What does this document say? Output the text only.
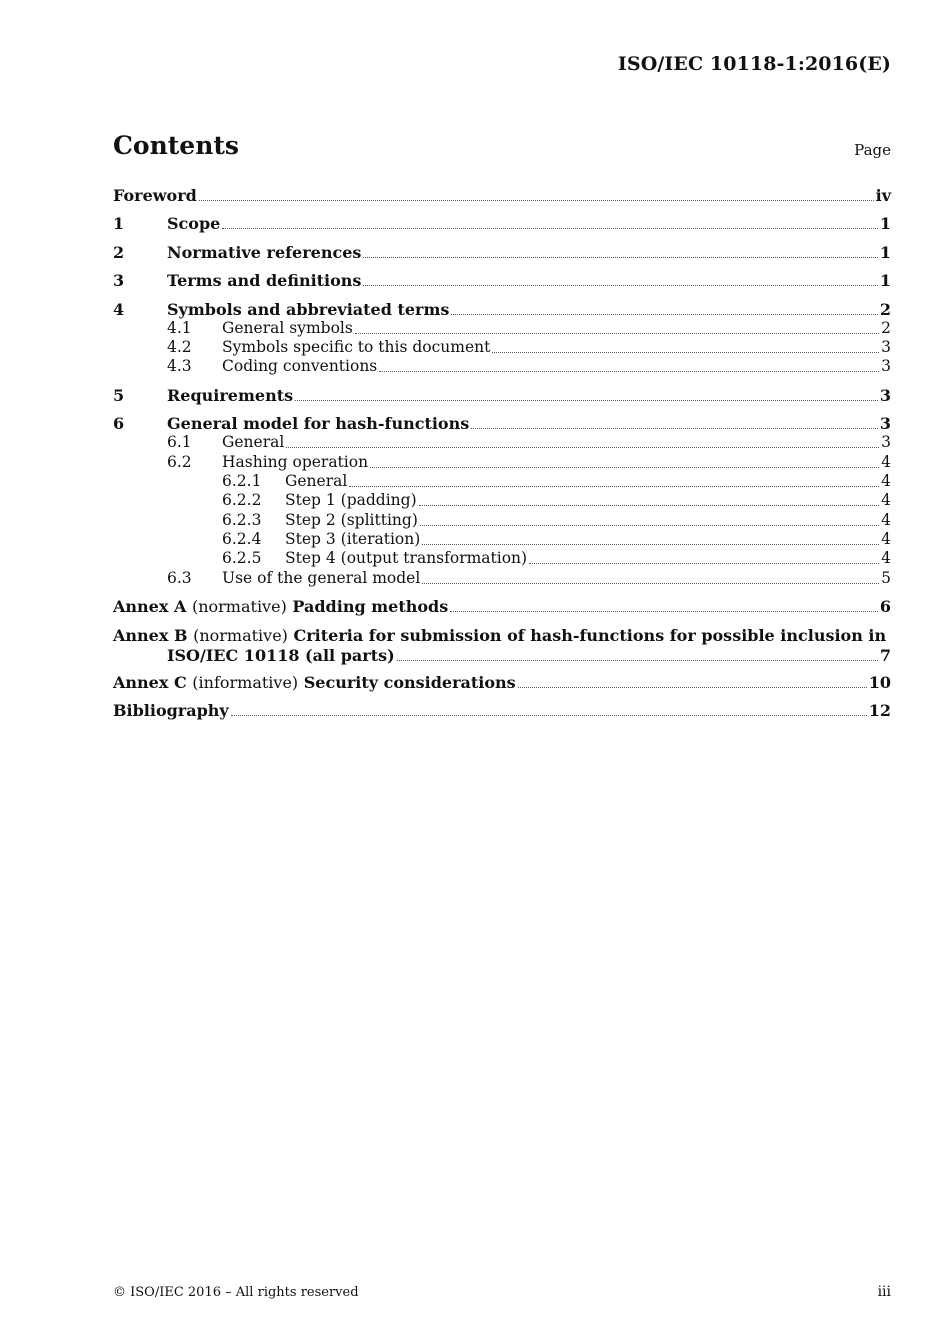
ISO/IEC 10118-1:2016(E)
Contents	Page
Foreword	iv
1	Scope	1
2	Normative references	1
3	Terms and definitions	1
4	Symbols and abbreviated terms	2
4.1	General symbols	2
4.2	Symbols specific to this document	3
4.3	Coding conventions	3
5	Requirements	3
6	General model for hash-functions	3
6.1	General	3
6.2	Hashing operation	4
6.2.1	General	4
6.2.2	Step 1 (padding)	4
6.2.3	Step 2 (splitting)	4
6.2.4	Step 3 (iteration)	4
6.2.5	Step 4 (output transformation)	4
6.3	Use of the general model	5
Annex A (normative) Padding methods	6
Annex B (normative) Criteria for submission of hash-functions for possible inclusion in
ISO/IEC 10118 (all parts)	7
Annex C (informative) Security considerations	10
Bibliography	12
© ISO/IEC 2016 – All rights reserved	iii
